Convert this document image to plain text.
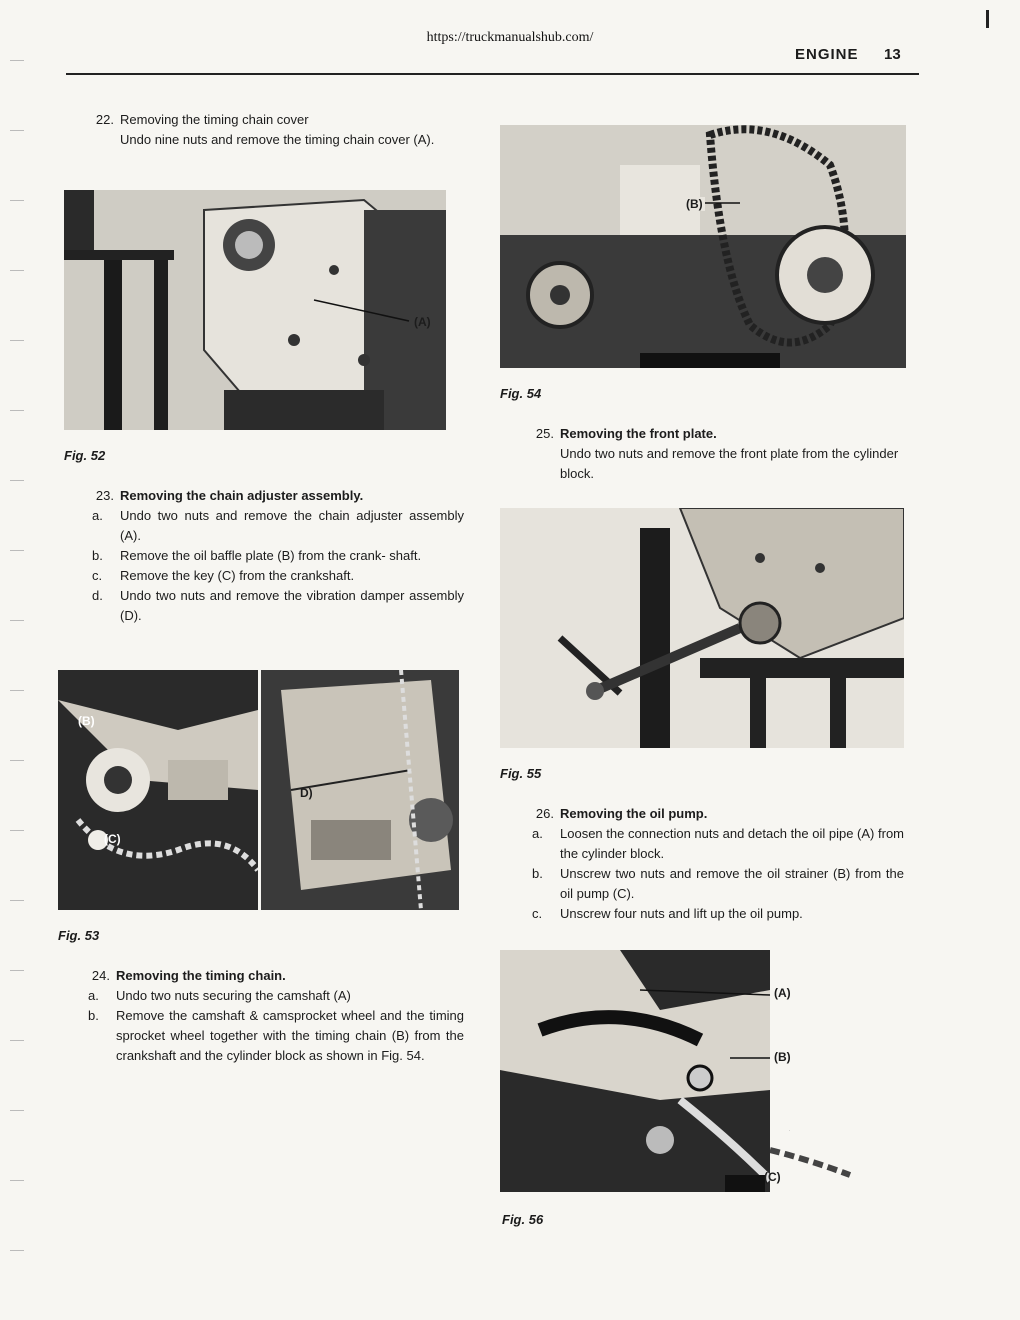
https://truckmanualshub.com/
ENGINE 13
22. Removing the timing chain cover
Undo nine nuts and remove the timing chain cover (A).
(A)
Fig. 52
23. Removing the chain adjuster assembly.
a. Undo two nuts and remove the chain adjuster assembly (A).
b. Remove the oil baffle plate (B) from the crank- shaft.
c. Remove the key (C) from the crankshaft.
d. Undo two nuts and remove the vibration damper assembly (D).
(B)
(C)
D)
Fig. 53
24. Removing the timing chain.
a. Undo two nuts securing the camshaft (A)
b. Remove the camshaft & camsprocket wheel and the timing sprocket wheel together with the timing chain (B) from the crankshaft and the cylinder block as shown in Fig. 54.
(B)
Fig. 54
25. Removing the front plate.
Undo two nuts and remove the front plate from the cylinder block.
Fig. 55
26. Removing the oil pump.
a. Loosen the connection nuts and detach the oil pipe (A) from the cylinder block.
b. Unscrew two nuts and remove the oil strainer (B) from the oil pump (C).
c. Unscrew four nuts and lift up the oil pump.
(A)
(B)
(C)
Fig. 56
